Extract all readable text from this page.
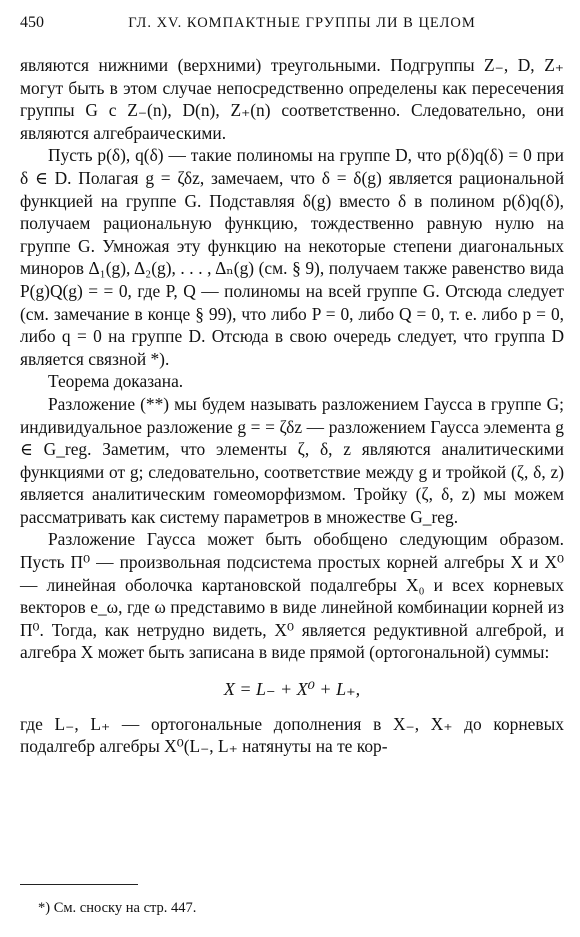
450	ГЛ. XV. КОМПАКТНЫЕ ГРУППЫ ЛИ В ЦЕЛОМ

являются нижними (верхними) треугольными. Подгруппы Z₋, D, Z₊ могут быть в этом случае непосредственно определены как пересечения группы G с Z₋(n), D(n), Z₊(n) соответственно. Следовательно, они являются алгебраическими.

Пусть p(δ), q(δ) — такие полиномы на группе D, что p(δ)q(δ) = 0 при δ ∈ D. Полагая g = ζδz, замечаем, что δ = δ(g) является рациональной функцией на группе G. Подставляя δ(g) вместо δ в полином p(δ)q(δ), получаем рациональную функцию, тождественно равную нулю на группе G. Умножая эту функцию на некоторые степени диагональных миноров Δ₁(g), Δ₂(g), . . . , Δₙ(g) (см. § 9), получаем также равенство вида P(g)Q(g) = = 0, где P, Q — полиномы на всей группе G. Отсюда следует (см. замечание в конце § 99), что либо P = 0, либо Q = 0, т. е. либо p = 0, либо q = 0 на группе D. Отсюда в свою очередь следует, что группа D является связной *).

Теорема доказана.

Разложение (**) мы будем называть разложением Гаусса в группе G; индивидуальное разложение g = = ζδz — разложением Гаусса элемента g ∈ G_reg. Заметим, что элементы ζ, δ, z являются аналитическими функциями от g; следовательно, соответствие между g и тройкой (ζ, δ, z) является аналитическим гомеоморфизмом. Тройку (ζ, δ, z) мы можем рассматривать как систему параметров в множестве G_reg.

Разложение Гаусса может быть обобщено следующим образом. Пусть Π⁰ — произвольная подсистема простых корней алгебры X и X⁰ — линейная оболочка картановской подалгебры X₀ и всех корневых векторов e_ω, где ω представимо в виде линейной комбинации корней из Π⁰. Тогда, как нетрудно видеть, X⁰ является редуктивной алгеброй, и алгебра X может быть записана в виде прямой (ортогональной) суммы:

X = L₋ + X⁰ + L₊,

где L₋, L₊ — ортогональные дополнения в X₋, X₊ до корневых подалгебр алгебры X⁰(L₋, L₊ натянуты на те кор-

*) См. сноску на стр. 447.
